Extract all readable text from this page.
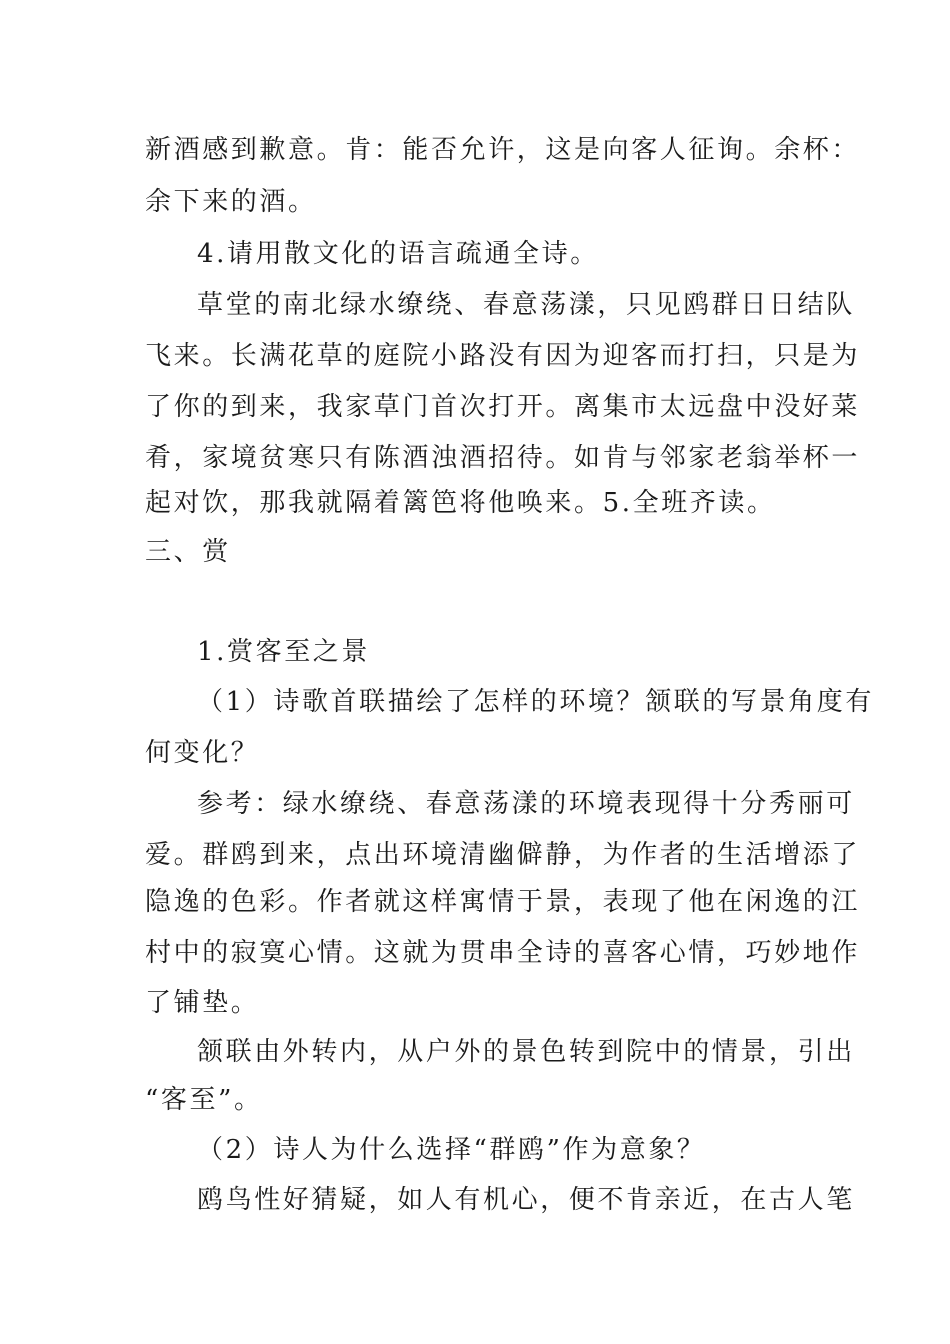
新酒感到歉意。肯：能否允许，这是向客人征询。余杯：
余下来的酒。
4.请用散文化的语言疏通全诗。
草堂的南北绿水缭绕、春意荡漾，只见鸥群日日结队
飞来。长满花草的庭院小路没有因为迎客而打扫，只是为
了你的到来，我家草门首次打开。离集市太远盘中没好菜
肴，家境贫寒只有陈酒浊酒招待。如肯与邻家老翁举杯一
起对饮，那我就隔着篱笆将他唤来。5.全班齐读。
三、赏
1.赏客至之景
（1）诗歌首联描绘了怎样的环境？颔联的写景角度有
何变化？
参考：绿水缭绕、春意荡漾的环境表现得十分秀丽可
爱。群鸥到来，点出环境清幽僻静，为作者的生活增添了
隐逸的色彩。作者就这样寓情于景，表现了他在闲逸的江
村中的寂寞心情。这就为贯串全诗的喜客心情，巧妙地作
了铺垫。
颔联由外转内，从户外的景色转到院中的情景，引出
“客至”。
（2）诗人为什么选择“群鸥”作为意象？
鸥鸟性好猜疑，如人有机心，便不肯亲近，在古人笔
